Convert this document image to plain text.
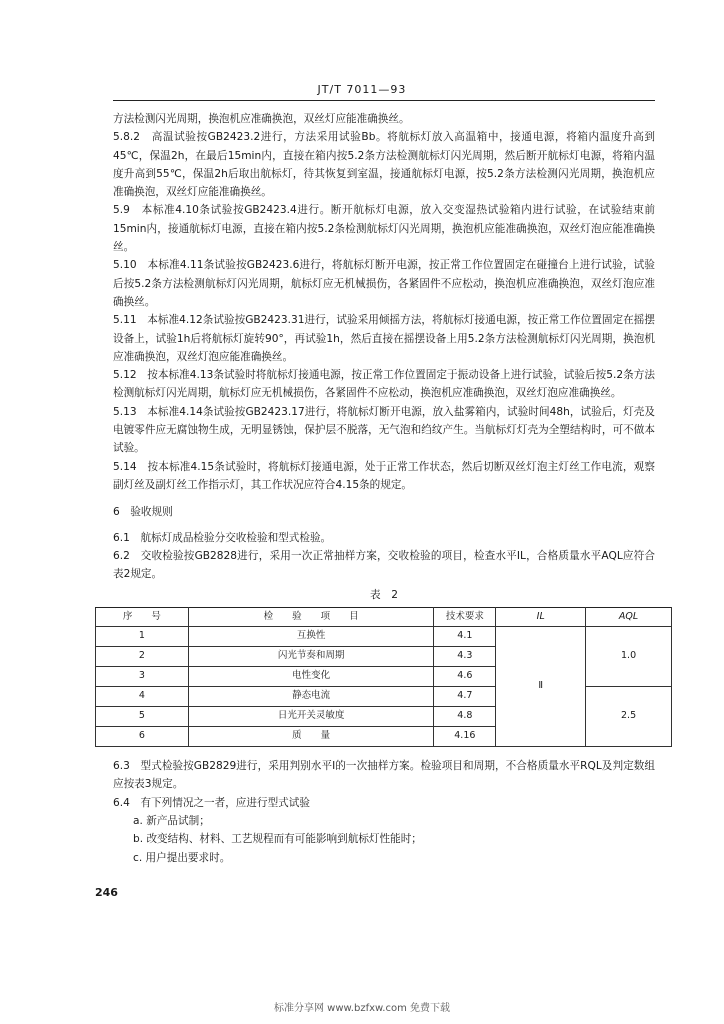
JT/T 7011—93

方法检测闪光周期，换泡机应准确换泡，双丝灯应能准确换丝。

5.8.2　高温试验按GB2423.2进行，方法采用试验Bb。将航标灯放入高温箱中，接通电源，将箱内温度升高到45℃，保温2h，在最后15min内，直接在箱内按5.2条方法检测航标灯闪光周期，然后断开航标灯电源，将箱内温度升高到55℃，保温2h后取出航标灯，待其恢复到室温，接通航标灯电源，按5.2条方法检测闪光周期，换泡机应准确换泡，双丝灯应能准确换丝。

5.9　本标准4.10条试验按GB2423.4进行。断开航标灯电源，放入交变湿热试验箱内进行试验，在试验结束前15min内，接通航标灯电源，直接在箱内按5.2条检测航标灯闪光周期，换泡机应能准确换泡，双丝灯泡应能准确换丝。

5.10　本标准4.11条试验按GB2423.6进行，将航标灯断开电源，按正常工作位置固定在碰撞台上进行试验，试验后按5.2条方法检测航标灯闪光周期，航标灯应无机械损伤，各紧固件不应松动，换泡机应准确换泡，双丝灯泡应准确换丝。

5.11　本标准4.12条试验按GB2423.31进行，试验采用倾摇方法，将航标灯接通电源，按正常工作位置固定在摇摆设备上，试验1h后将航标灯旋转90°，再试验1h，然后直接在摇摆设备上用5.2条方法检测航标灯闪光周期，换泡机应准确换泡，双丝灯泡应能准确换丝。

5.12　按本标准4.13条试验时将航标灯接通电源，按正常工作位置固定于振动设备上进行试验，试验后按5.2条方法检测航标灯闪光周期，航标灯应无机械损伤，各紧固件不应松动，换泡机应准确换泡，双丝灯泡应准确换丝。

5.13　本标准4.14条试验按GB2423.17进行，将航标灯断开电源，放入盐雾箱内，试验时间48h，试验后，灯壳及电镀零件应无腐蚀物生成，无明显锈蚀，保护层不脱落，无气泡和绉纹产生。当航标灯灯壳为全塑结构时，可不做本试验。

5.14　按本标准4.15条试验时，将航标灯接通电源，处于正常工作状态，然后切断双丝灯泡主灯丝工作电流，观察副灯丝及副灯丝工作指示灯，其工作状况应符合4.15条的规定。

6　验收规则

6.1　航标灯成品检验分交收检验和型式检验。

6.2　交收检验按GB2828进行，采用一次正常抽样方案，交收检验的项目，检查水平IL，合格质量水平AQL应符合表2规定。

表　2
序　　号	检　　验　　项　　目	技术要求	IL	AQL
1	互换性	4.1	Ⅱ	1.0
2	闪光节奏和周期	4.3		
3	电性变化	4.6		
4	静态电流	4.7		2.5
5	日光开关灵敏度	4.8		
6	质　　量	4.16		

6.3　型式检验按GB2829进行，采用判别水平Ⅰ的一次抽样方案。检验项目和周期，不合格质量水平RQL及判定数组应按表3规定。

6.4　有下列情况之一者，应进行型式试验

a. 新产品试制；

b. 改变结构、材料、工艺规程而有可能影响到航标灯性能时；

c. 用户提出要求时。

246
标准分享网 www.bzfxw.com 免费下载
